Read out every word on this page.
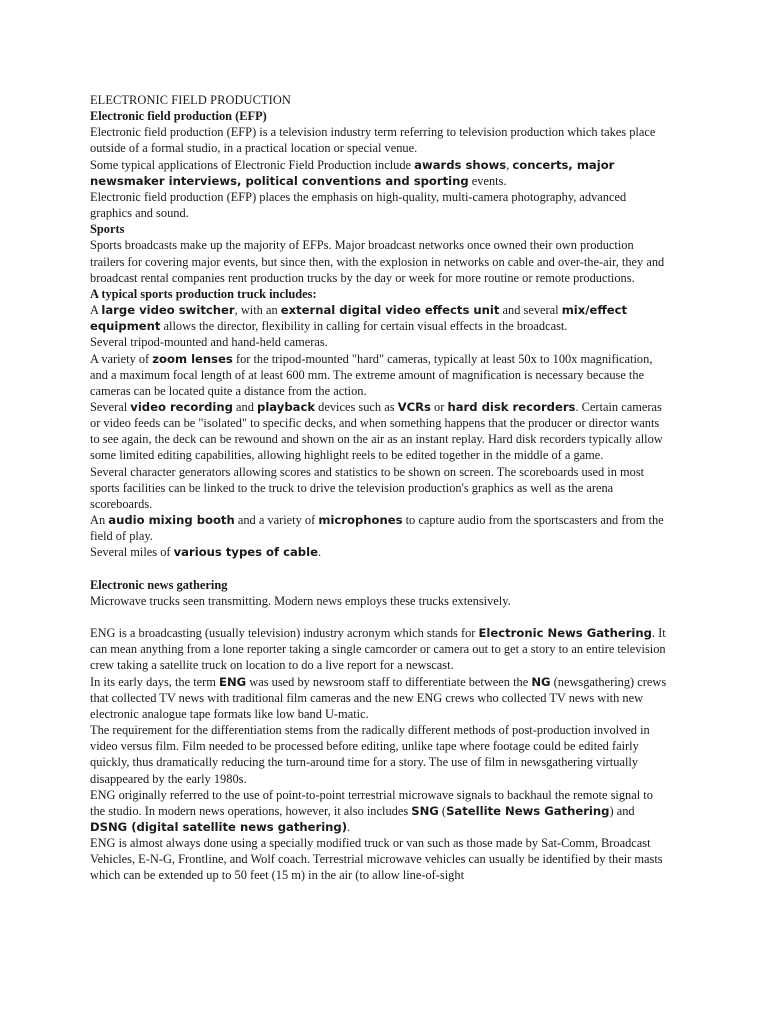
ELECTRONIC FIELD PRODUCTION

Electronic field production (EFP)

Electronic field production (EFP) is a television industry term referring to television production which takes place outside of a formal studio, in a practical location or special venue.

Some typical applications of Electronic Field Production include awards shows, concerts, major newsmaker interviews, political conventions and sporting events.

Electronic field production (EFP) places the emphasis on high-quality, multi-camera photography, advanced graphics and sound.

Sports

Sports broadcasts make up the majority of EFPs. Major broadcast networks once owned their own production trailers for covering major events, but since then, with the explosion in networks on cable and over-the-air, they and broadcast rental companies rent production trucks by the day or week for more routine or remote productions.

A typical sports production truck includes:

A large video switcher, with an external digital video effects unit and several mix/effect equipment allows the director, flexibility in calling for certain visual effects in the broadcast.

Several tripod-mounted and hand-held cameras.

A variety of zoom lenses for the tripod-mounted "hard" cameras, typically at least 50x to 100x magnification, and a maximum focal length of at least 600 mm. The extreme amount of magnification is necessary because the cameras can be located quite a distance from the action.

Several video recording and playback devices such as VCRs or hard disk recorders. Certain cameras or video feeds can be "isolated" to specific decks, and when something happens that the producer or director wants to see again, the deck can be rewound and shown on the air as an instant replay. Hard disk recorders typically allow some limited editing capabilities, allowing highlight reels to be edited together in the middle of a game.

Several character generators allowing scores and statistics to be shown on screen. The scoreboards used in most sports facilities can be linked to the truck to drive the television production's graphics as well as the arena scoreboards.

An audio mixing booth and a variety of microphones to capture audio from the sportscasters and from the field of play.

Several miles of various types of cable.

Electronic news gathering

Microwave trucks seen transmitting. Modern news employs these trucks extensively.

ENG is a broadcasting (usually television) industry acronym which stands for Electronic News Gathering. It can mean anything from a lone reporter taking a single camcorder or camera out to get a story to an entire television crew taking a satellite truck on location to do a live report for a newscast.

In its early days, the term ENG was used by newsroom staff to differentiate between the NG (newsgathering) crews that collected TV news with traditional film cameras and the new ENG crews who collected TV news with new electronic analogue tape formats like low band U-matic.

The requirement for the differentiation stems from the radically different methods of post-production involved in video versus film. Film needed to be processed before editing, unlike tape where footage could be edited fairly quickly, thus dramatically reducing the turn-around time for a story. The use of film in newsgathering virtually disappeared by the early 1980s.

ENG originally referred to the use of point-to-point terrestrial microwave signals to backhaul the remote signal to the studio. In modern news operations, however, it also includes SNG (Satellite News Gathering) and DSNG (digital satellite news gathering).

ENG is almost always done using a specially modified truck or van such as those made by Sat-Comm, Broadcast Vehicles, E-N-G, Frontline, and Wolf coach. Terrestrial microwave vehicles can usually be identified by their masts which can be extended up to 50 feet (15 m) in the air (to allow line-of-sight
